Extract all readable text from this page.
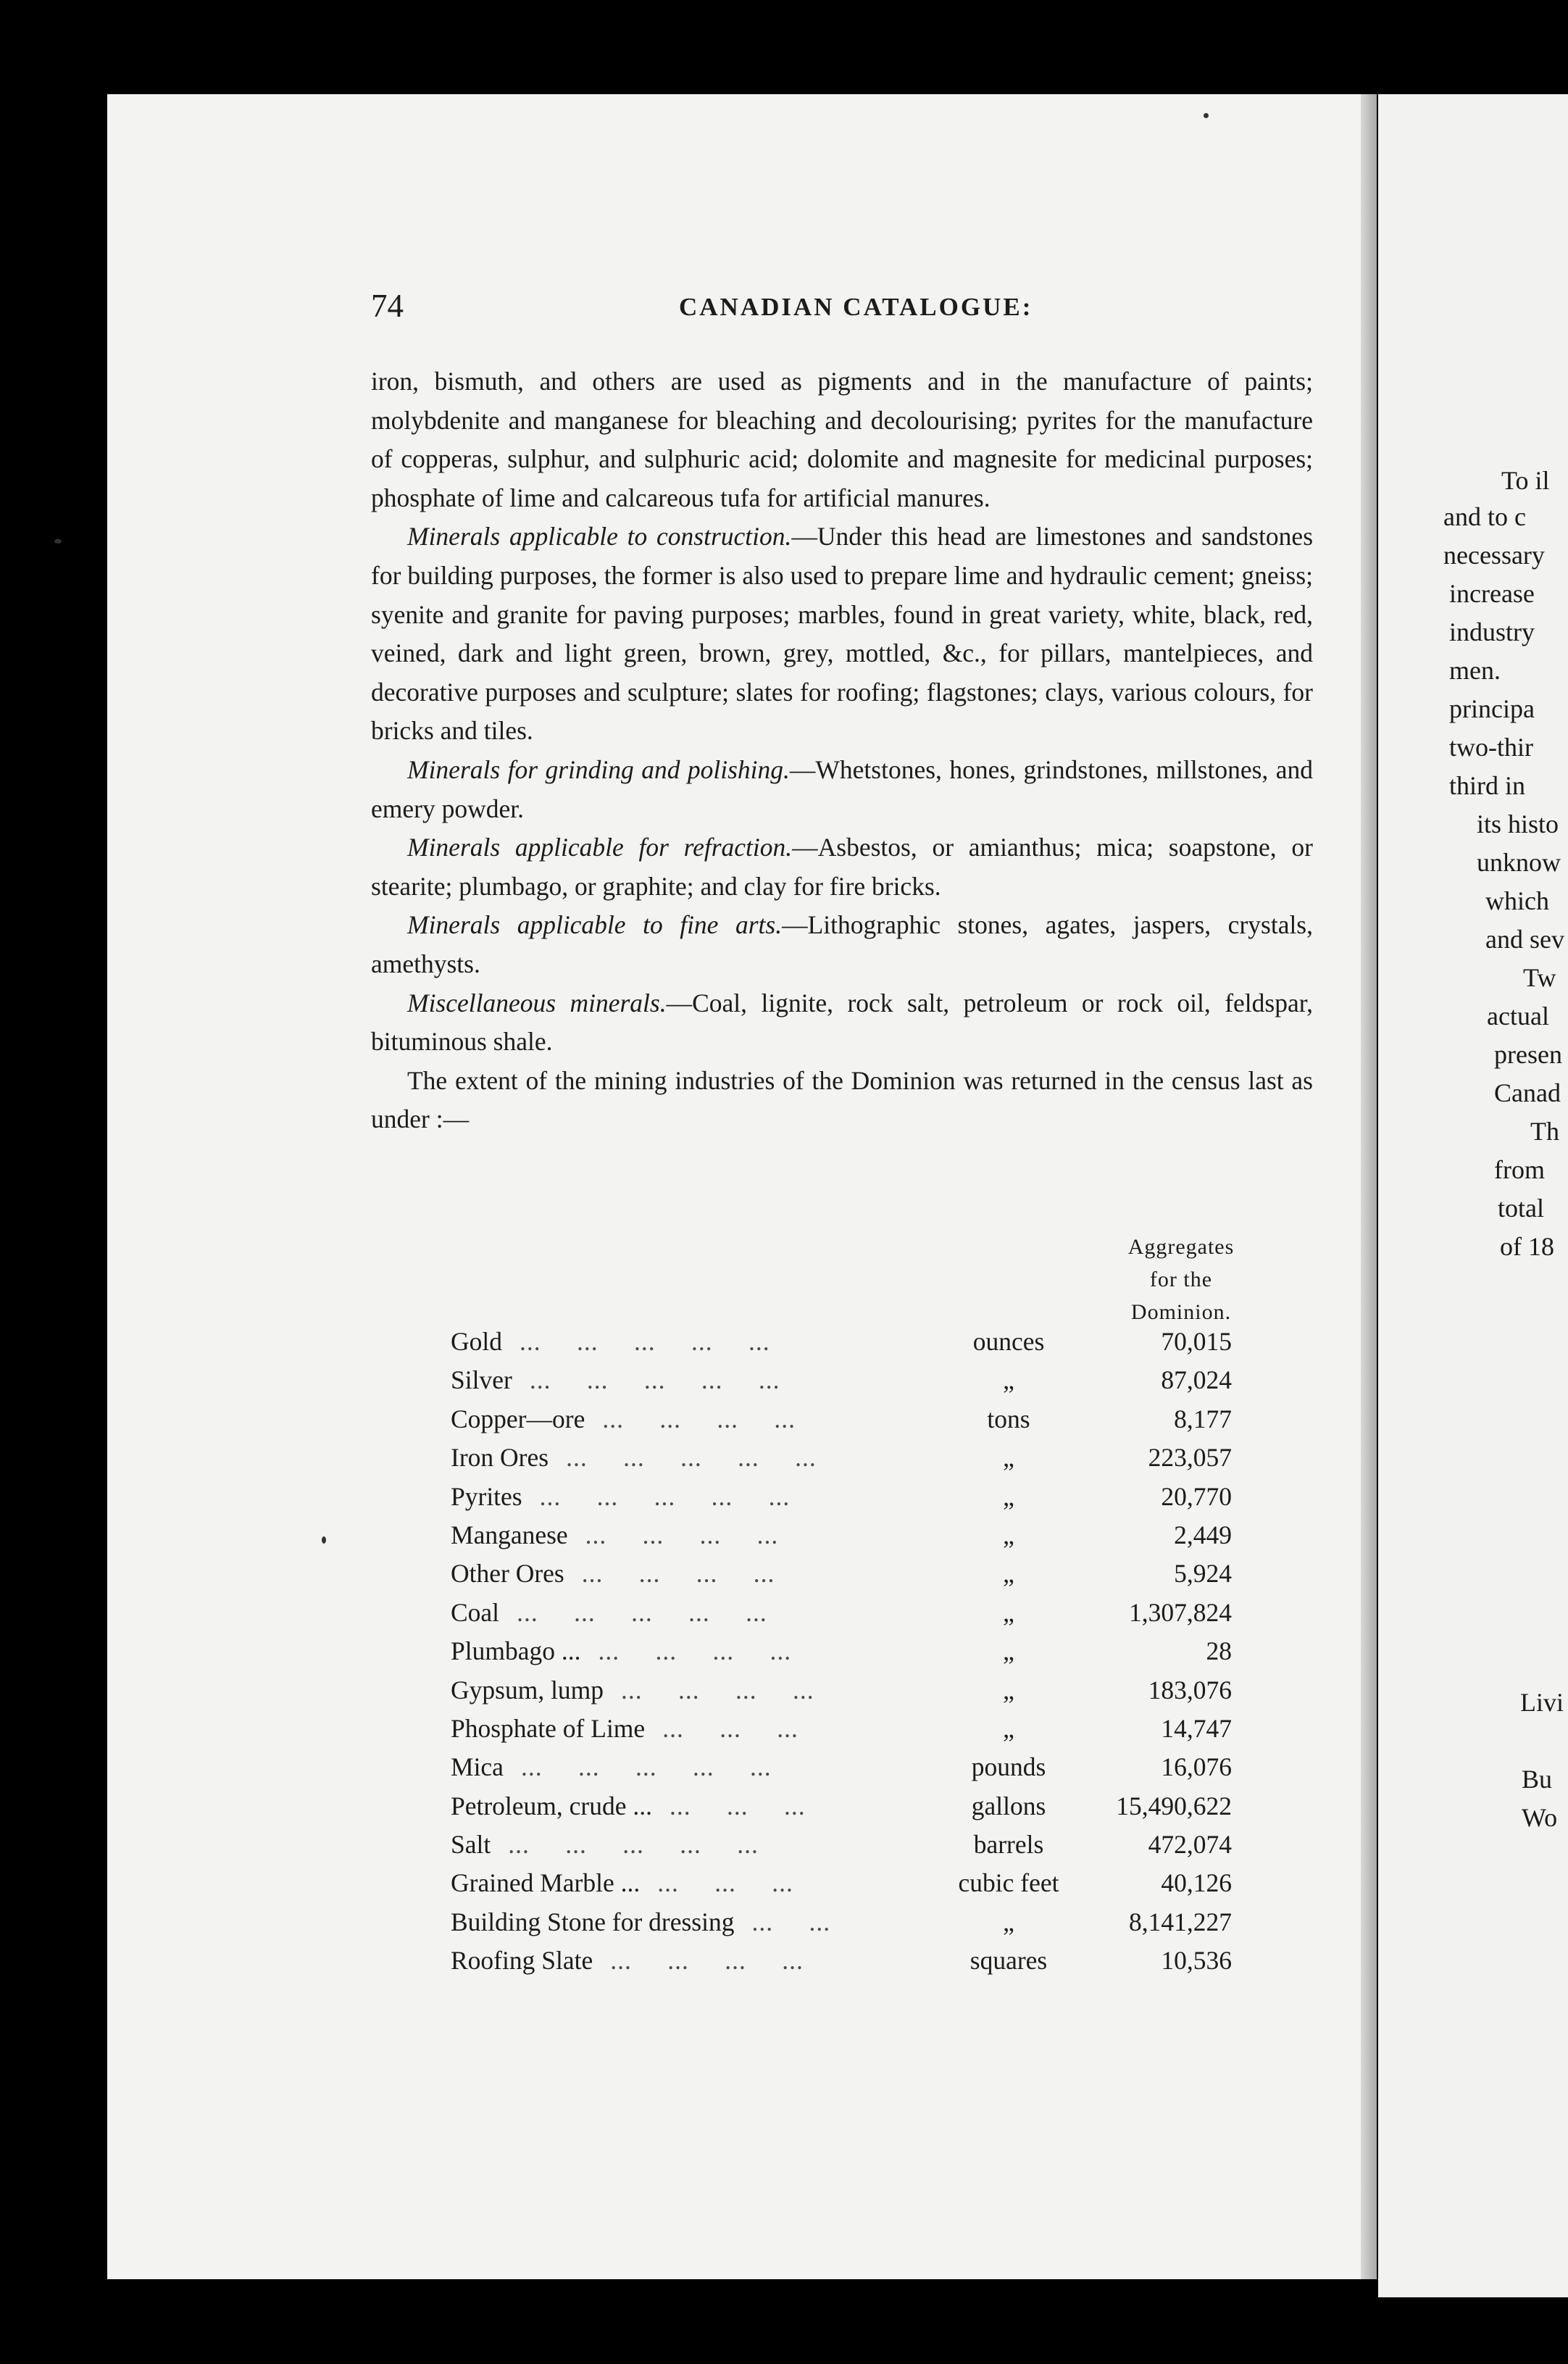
To il
and to c
necessary
increase
industry
men.
principa
two-thir
third in
its histo
unknow
which
and sev
Tw
actual
presen
Canad
Th
from
total
of 18
Livi
Bu
Wo
74	CANADIAN CATALOGUE:

iron, bismuth, and others are used as pigments and in the manufacture of paints; molybdenite and manganese for bleaching and decolourising; pyrites for the manufacture of copperas, sulphur, and sulphuric acid; dolomite and magnesite for medicinal purposes; phosphate of lime and calcareous tufa for artificial manures.

Minerals applicable to construction.—Under this head are limestones and sandstones for building purposes, the former is also used to prepare lime and hydraulic cement; gneiss; syenite and granite for paving purposes; marbles, found in great variety, white, black, red, veined, dark and light green, brown, grey, mottled, &c., for pillars, mantelpieces, and decorative purposes and sculpture; slates for roofing; flagstones; clays, various colours, for bricks and tiles.

Minerals for grinding and polishing.—Whetstones, hones, grindstones, millstones, and emery powder.

Minerals applicable for refraction.—Asbestos, or amianthus; mica; soapstone, or stearite; plumbago, or graphite; and clay for fire bricks.

Minerals applicable to fine arts.—Lithographic stones, agates, jaspers, crystals, amethysts.

Miscellaneous minerals.—Coal, lignite, rock salt, petroleum or rock oil, feldspar, bituminous shale.

The extent of the mining industries of the Dominion was returned in the census last as under :—

Aggregates
for the
Dominion.
Gold ...     ...     ...     ...     ...	ounces	70,015
Silver ...     ...     ...     ...     ...	„	87,024
Copper—ore ...     ...     ...     ...	tons	8,177
Iron Ores ...     ...     ...     ...     ...	„	223,057
Pyrites ...     ...     ...     ...     ...	„	20,770
Manganese ...     ...     ...     ...	„	2,449
Other Ores ...     ...     ...     ...	„	5,924
Coal ...     ...     ...     ...     ...	„	1,307,824
Plumbago ... ...     ...     ...     ...	„	28
Gypsum, lump ...     ...     ...     ...	„	183,076
Phosphate of Lime ...     ...     ...	„	14,747
Mica ...     ...     ...     ...     ...	pounds	16,076
Petroleum, crude ... ...     ...     ...	gallons	15,490,622
Salt ...     ...     ...     ...     ...	barrels	472,074
Grained Marble ... ...     ...     ...	cubic feet	40,126
Building Stone for dressing ...     ...	„	8,141,227
Roofing Slate ...     ...     ...     ...	squares	10,536
